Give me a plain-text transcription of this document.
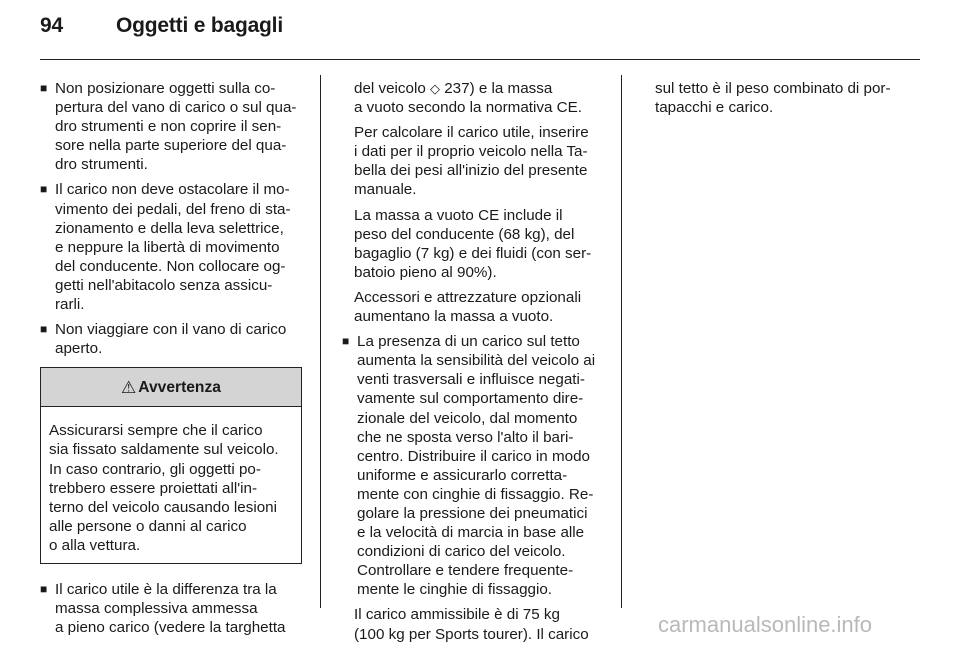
94	Oggetti e bagagli
■ Non posizionare oggetti sulla co-
pertura del vano di carico o sul qua-
dro strumenti e non coprire il sen-
sore nella parte superiore del qua-
dro strumenti.
■ Il carico non deve ostacolare il mo-
vimento dei pedali, del freno di sta-
zionamento e della leva selettrice,
e neppure la libertà di movimento
del conducente. Non collocare og-
getti nell'abitacolo senza assicu-
rarli.
■ Non viaggiare con il vano di carico
aperto.
⚠ Avvertenza
Assicurarsi sempre che il carico
sia fissato saldamente sul veicolo.
In caso contrario, gli oggetti po-
trebbero essere proiettati all'in-
terno del veicolo causando lesioni
alle persone o danni al carico
o alla vettura.
■ Il carico utile è la differenza tra la
massa complessiva ammessa
a pieno carico (vedere la targhetta

del veicolo ◇ 237) e la massa
a vuoto secondo la normativa CE.

Per calcolare il carico utile, inserire
i dati per il proprio veicolo nella Ta-
bella dei pesi all'inizio del presente
manuale.

La massa a vuoto CE include il
peso del conducente (68 kg), del
bagaglio (7 kg) e dei fluidi (con ser-
batoio pieno al 90%).

Accessori e attrezzature opzionali
aumentano la massa a vuoto.

■ La presenza di un carico sul tetto
aumenta la sensibilità del veicolo ai
venti trasversali e influisce negati-
vamente sul comportamento dire-
zionale del veicolo, dal momento
che ne sposta verso l'alto il bari-
centro. Distribuire il carico in modo
uniforme e assicurarlo corretta-
mente con cinghie di fissaggio. Re-
golare la pressione dei pneumatici
e la velocità di marcia in base alle
condizioni di carico del veicolo.
Controllare e tendere frequente-
mente le cinghie di fissaggio.

Il carico ammissibile è di 75 kg
(100 kg per Sports tourer). Il carico

sul tetto è il peso combinato di por-
tapacchi e carico.

carmanualsonline.info
